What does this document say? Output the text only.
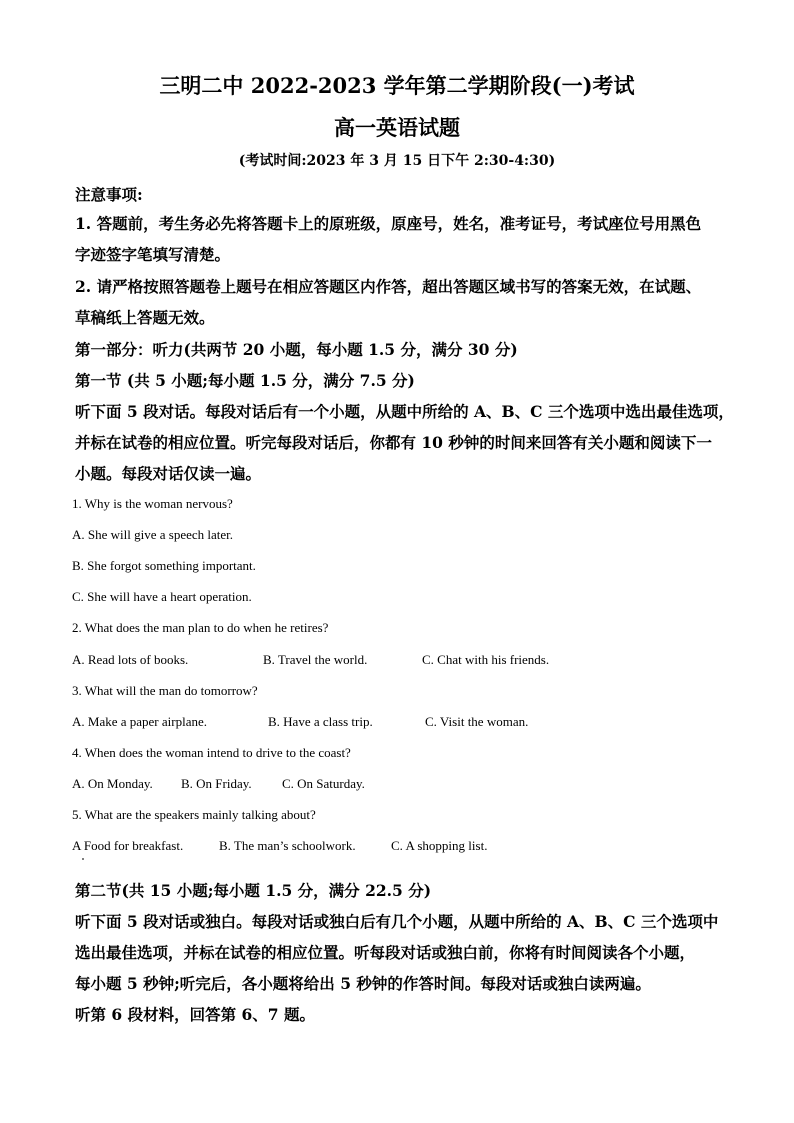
三明二中 2022-2023 学年第二学期阶段(一)考试
高一英语试题
(考试时间:2023 年 3 月 15 日下午 2:30-4:30)
注意事项:
1. 答题前，考生务必先将答题卡上的原班级，原座号，姓名，准考证号，考试座位号用黑色
字迹签字笔填写清楚。
2. 请严格按照答题卷上题号在相应答题区内作答，超出答题区域书写的答案无效，在试题、
草稿纸上答题无效。
第一部分：听力(共两节 20 小题，每小题 1.5 分，满分 30 分)
第一节 (共 5 小题;每小题 1.5 分，满分 7.5 分)
听下面 5 段对话。每段对话后有一个小题，从题中所给的 A、B、C 三个选项中选出最佳选项，
并标在试卷的相应位置。听完每段对话后，你都有 10 秒钟的时间来回答有关小题和阅读下一
小题。每段对话仅读一遍。
1. Why is the woman nervous?
A. She will give a speech later.
B. She forgot something important.
C. She will have a heart operation.
2. What does the man plan to do when he retires?
A. Read lots of books.	B. Travel the world.	C. Chat with his friends.
3. What will the man do tomorrow?
A. Make a paper airplane.	B. Have a class trip.	C. Visit the woman.
4. When does the woman intend to drive to the coast?
A. On Monday. B. On Friday. C. On Saturday.
5. What are the speakers mainly talking about?
A Food for breakfast.	B. The man’s schoolwork.	C. A shopping list.
第二节(共 15 小题;每小题 1.5 分，满分 22.5 分)
听下面 5 段对话或独白。每段对话或独白后有几个小题，从题中所给的 A、B、C 三个选项中
选出最佳选项，并标在试卷的相应位置。听每段对话或独白前，你将有时间阅读各个小题，
每小题 5 秒钟;听完后，各小题将给出 5 秒钟的作答时间。每段对话或独白读两遍。
听第 6 段材料，回答第 6、7 题。
